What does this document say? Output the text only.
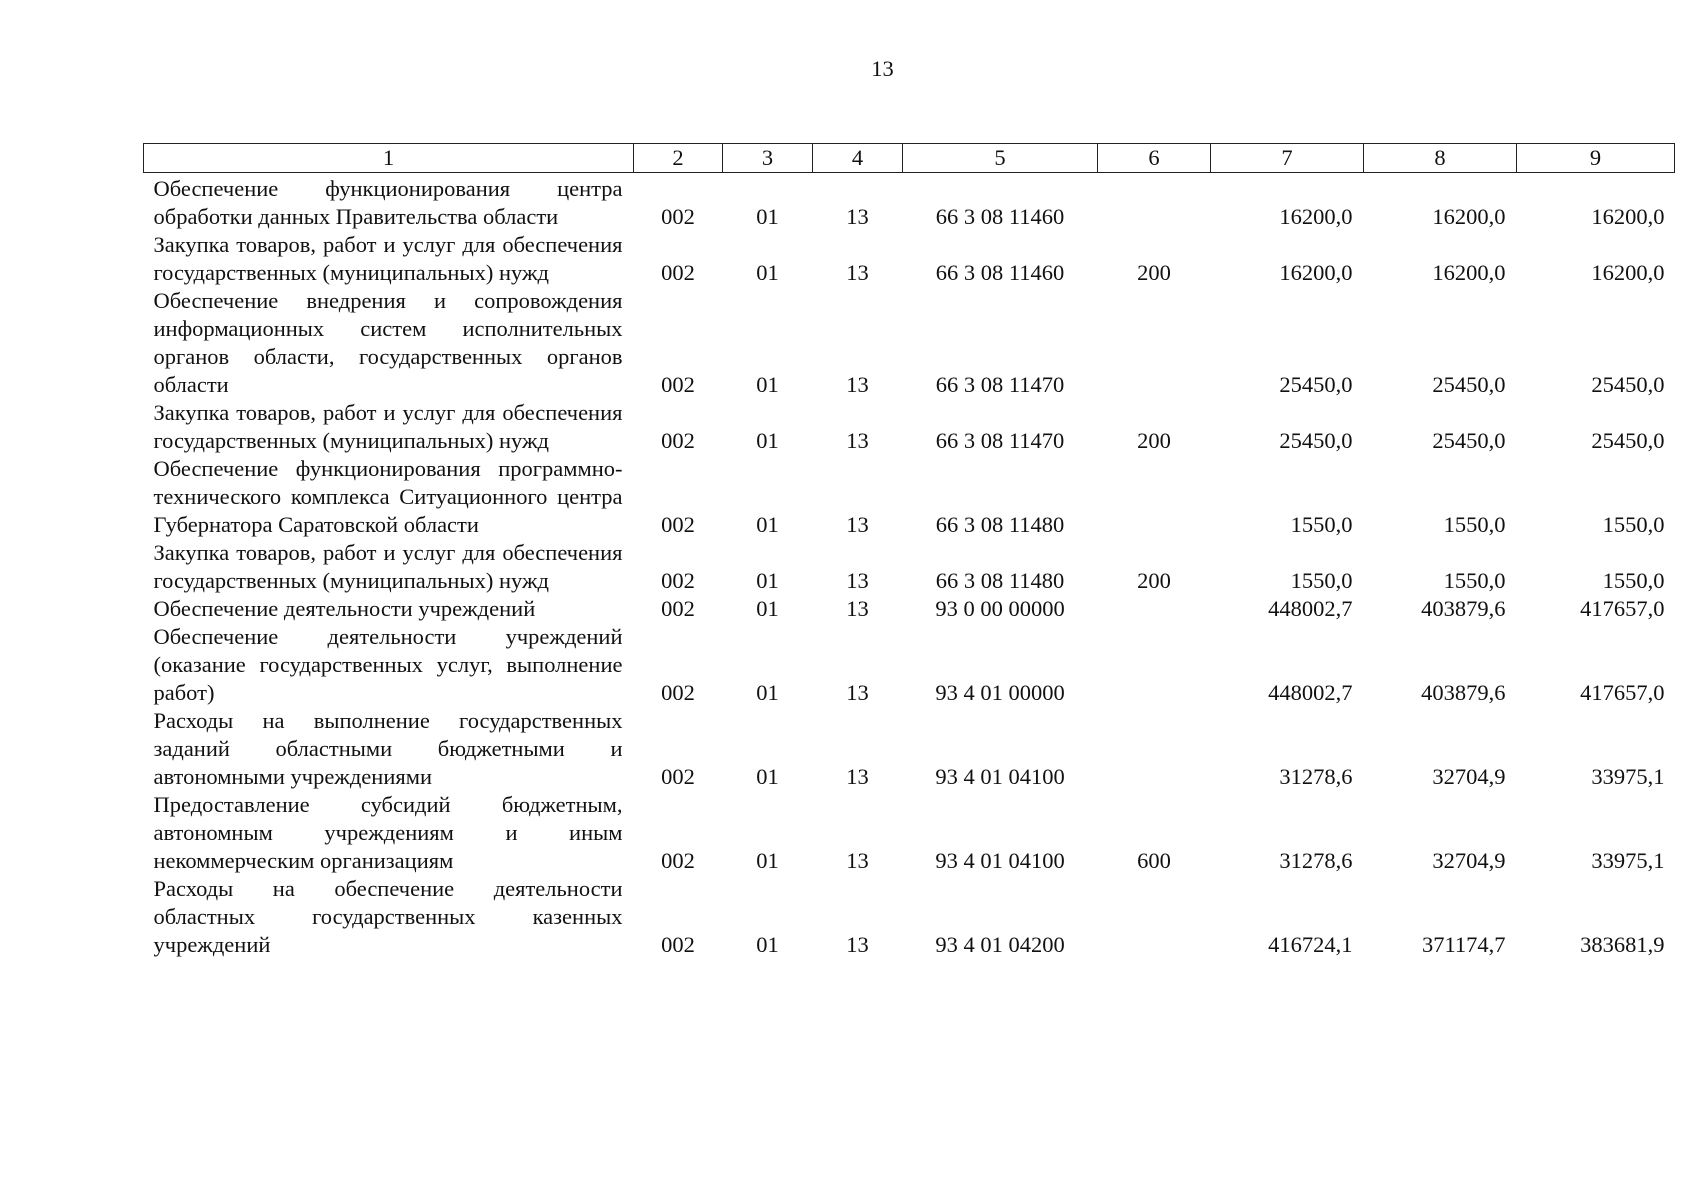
13
1	2	3	4	5	6	7	8	9
Обеспечение функционирования центра обработки данных Правительства области	002	01	13	66 3 08 11460		16200,0	16200,0	16200,0
Закупка товаров, работ и услуг для обеспечения государственных (муниципальных) нужд	002	01	13	66 3 08 11460	200	16200,0	16200,0	16200,0
Обеспечение внедрения и сопровождения информационных систем исполнительных органов области, государственных органов области	002	01	13	66 3 08 11470		25450,0	25450,0	25450,0
Закупка товаров, работ и услуг для обеспечения государственных (муниципальных) нужд	002	01	13	66 3 08 11470	200	25450,0	25450,0	25450,0
Обеспечение функционирования программно-технического комплекса Ситуационного центра Губернатора Саратовской области	002	01	13	66 3 08 11480		1550,0	1550,0	1550,0
Закупка товаров, работ и услуг для обеспечения государственных (муниципальных) нужд	002	01	13	66 3 08 11480	200	1550,0	1550,0	1550,0
Обеспечение деятельности учреждений	002	01	13	93 0 00 00000		448002,7	403879,6	417657,0
Обеспечение деятельности учреждений (оказание государственных услуг, выполнение работ)	002	01	13	93 4 01 00000		448002,7	403879,6	417657,0
Расходы на выполнение государственных заданий областными бюджетными и автономными учреждениями	002	01	13	93 4 01 04100		31278,6	32704,9	33975,1
Предоставление субсидий бюджетным, автономным учреждениям и иным некоммерческим организациям	002	01	13	93 4 01 04100	600	31278,6	32704,9	33975,1
Расходы на обеспечение деятельности областных государственных казенных учреждений	002	01	13	93 4 01 04200		416724,1	371174,7	383681,9
